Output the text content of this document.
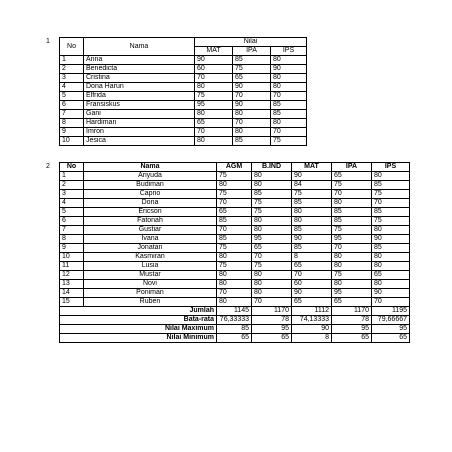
1
No	Nama	Nilai		
		MAT	IPA	IPS
1	Anna	90	85	80
2	Benedicta	60	75	90
3	Cristina	70	65	80
4	Dona Harun	80	90	80
5	Elfrida	75	70	70
6	Fransiskus	95	90	85
7	Gani	80	80	85
8	Hardiman	65	70	80
9	Imron	70	80	70
10	Jesica	80	85	75
2 No	Nama	AGM	B.IND	MAT	IPA	IPS
1	Ariyuda	75	80	90	65	80
2	Budiman	80	80	84	75	85
3	Caprio	75	85	75	70	75
4	Dona	70	75	85	80	70
5	Ericson	65	75	80	85	85
6	Fatonah	85	80	80	85	75
7	Gustiar	70	80	85	75	80
8	Ivana	85	95	90	95	90
9	Jonatan	75	65	85	70	85
10	Kasmiran	80	70	8	80	80
11	Lusia	75	75	65	80	80
12	Mustar	80	80	70	75	65
13	Novi	80	80	60	80	80
14	Poniman	70	80	90	95	90
15	Ruben	80	70	65	65	70
Jumlah		1145	1170	1112	1170	1195
Bata-rata		76,33333	78	74,13333	78	79,66667
Nilai Maximum		85	95	90	95	95
Nilai Minimum		65	65	8	65	65
